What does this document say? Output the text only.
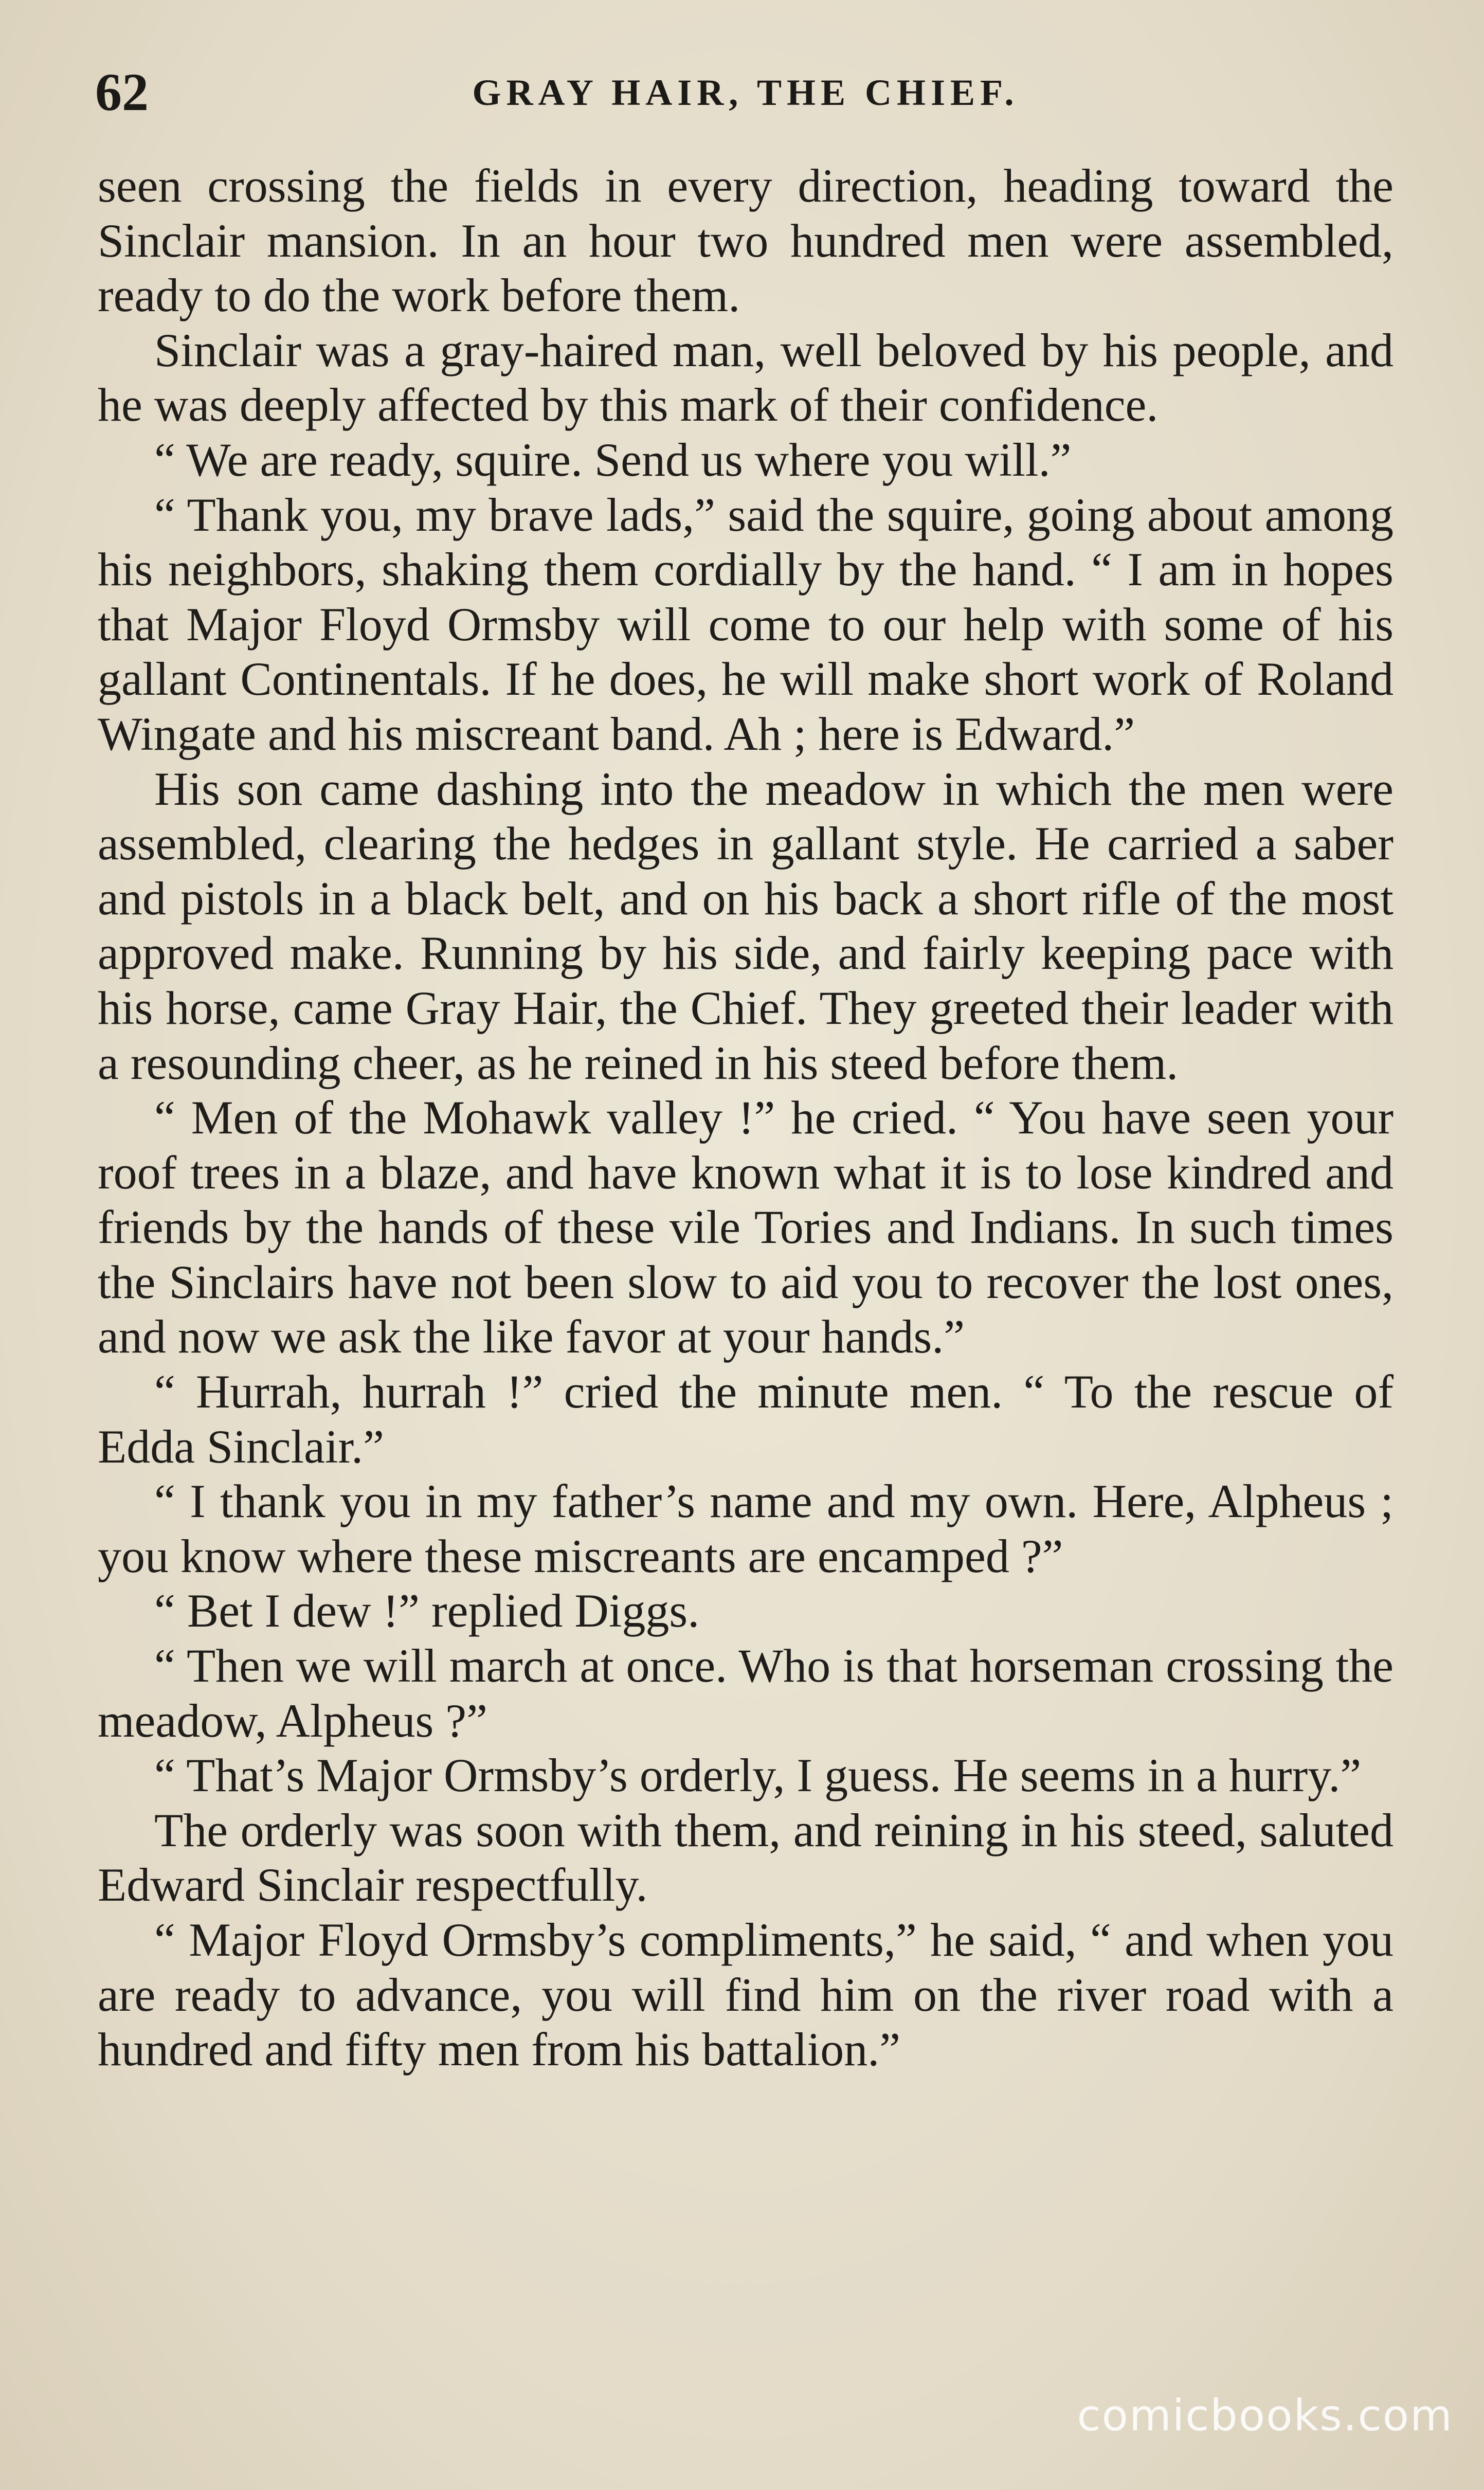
62	GRAY HAIR, THE CHIEF.

seen crossing the fields in every direction, heading toward the Sinclair mansion. In an hour two hundred men were assembled, ready to do the work before them.

Sinclair was a gray-haired man, well beloved by his people, and he was deeply affected by this mark of their confidence.

“ We are ready, squire. Send us where you will.”

“ Thank you, my brave lads,” said the squire, going about among his neighbors, shaking them cordially by the hand. “ I am in hopes that Major Floyd Ormsby will come to our help with some of his gallant Continentals. If he does, he will make short work of Roland Wingate and his miscreant band. Ah ; here is Edward.”

His son came dashing into the meadow in which the men were assembled, clearing the hedges in gallant style. He carried a saber and pistols in a black belt, and on his back a short rifle of the most approved make. Running by his side, and fairly keeping pace with his horse, came Gray Hair, the Chief. They greeted their leader with a resounding cheer, as he reined in his steed before them.

“ Men of the Mohawk valley !” he cried. “ You have seen your roof trees in a blaze, and have known what it is to lose kindred and friends by the hands of these vile Tories and Indians. In such times the Sinclairs have not been slow to aid you to recover the lost ones, and now we ask the like favor at your hands.”

“ Hurrah, hurrah !” cried the minute men. “ To the rescue of Edda Sinclair.”

“ I thank you in my father’s name and my own. Here, Alpheus ; you know where these miscreants are encamped ?”

“ Bet I dew !” replied Diggs.

“ Then we will march at once. Who is that horseman crossing the meadow, Alpheus ?”

“ That’s Major Ormsby’s orderly, I guess. He seems in a hurry.”

The orderly was soon with them, and reining in his steed, saluted Edward Sinclair respectfully.

“ Major Floyd Ormsby’s compliments,” he said, “ and when you are ready to advance, you will find him on the river road with a hundred and fifty men from his battalion.”

comicbooks.com
